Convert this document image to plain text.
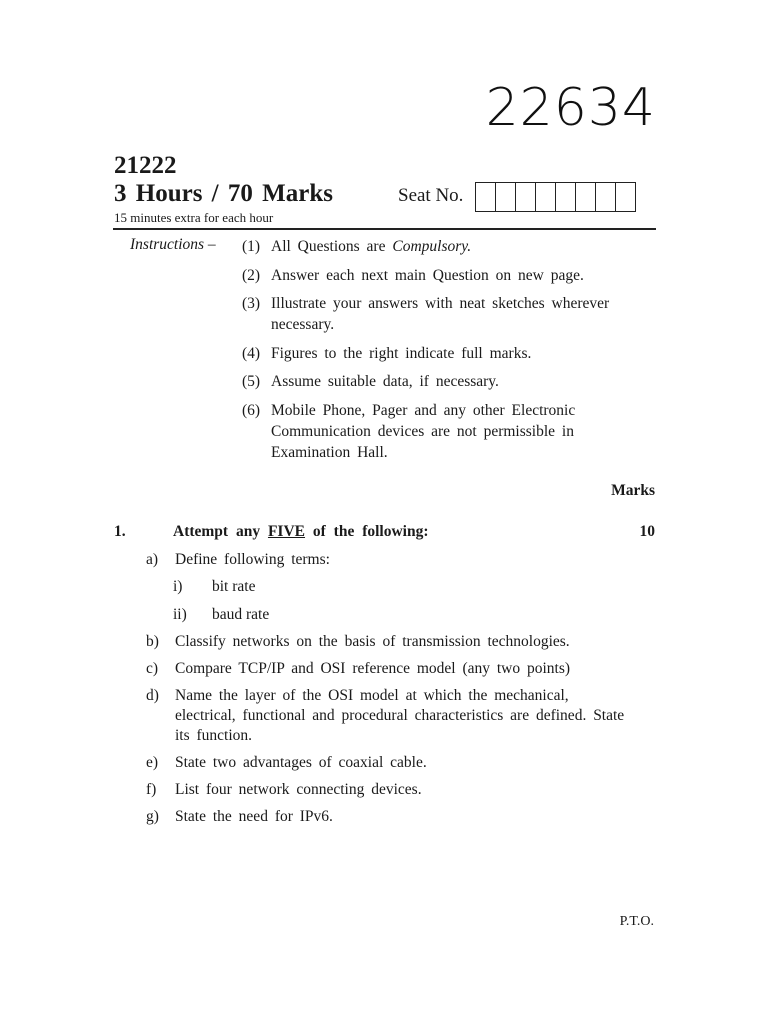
22634
21222
3 Hours / 70 Marks
15 minutes extra for each hour
Seat No.
Instructions – (1) All Questions are Compulsory.
(2) Answer each next main Question on new page.
(3) Illustrate your answers with neat sketches wherever necessary.
(4) Figures to the right indicate full marks.
(5) Assume suitable data, if necessary.
(6) Mobile Phone, Pager and any other Electronic Communication devices are not permissible in Examination Hall.
Marks
1.	Attempt any FIVE of the following:	10
a)	Define following terms:
i)	bit rate
ii)	baud rate
b)	Classify networks on the basis of transmission technologies.
c)	Compare TCP/IP and OSI reference model (any two points)
d)	Name the layer of the OSI model at which the mechanical, electrical, functional and procedural characteristics are defined. State its function.
e)	State two advantages of coaxial cable.
f)	List four network connecting devices.
g)	State the need for IPv6.
P.T.O.
